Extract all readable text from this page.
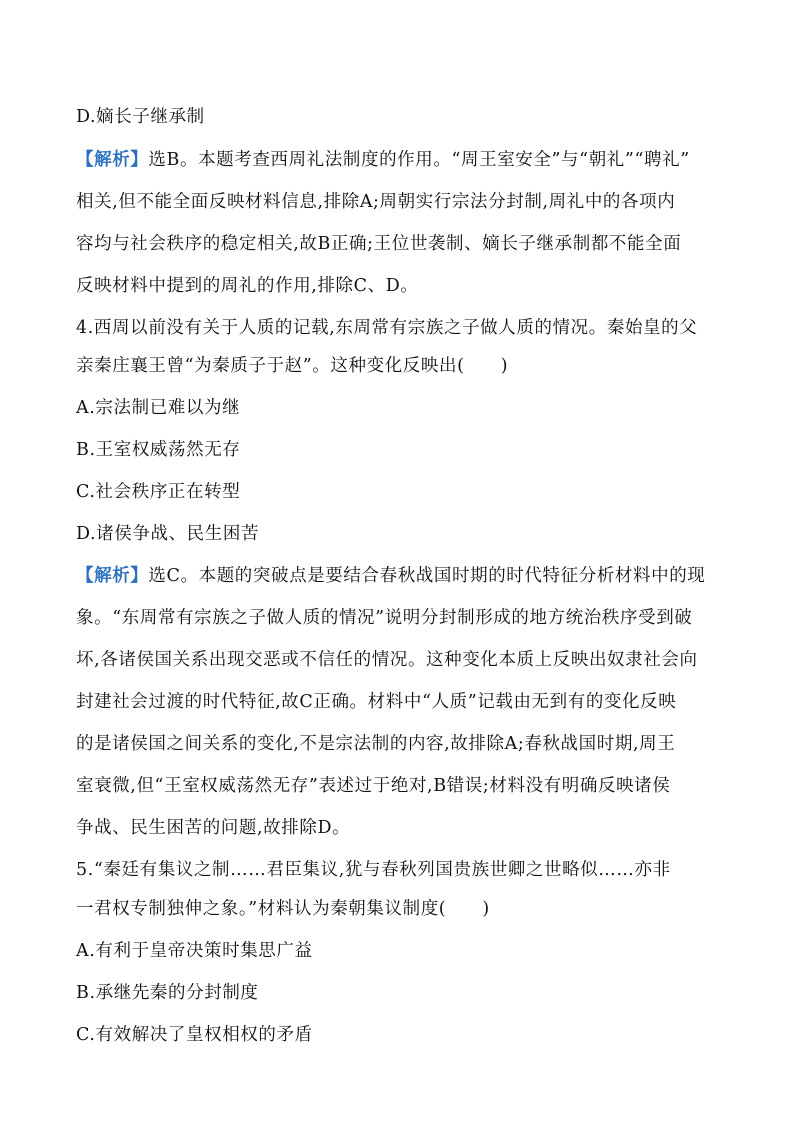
D.嫡长子继承制
【解析】选B。本题考查西周礼法制度的作用。“周王室安全”与“朝礼”“聘礼”
相关,但不能全面反映材料信息,排除A;周朝实行宗法分封制,周礼中的各项内
容均与社会秩序的稳定相关,故B正确;王位世袭制、嫡长子继承制都不能全面
反映材料中提到的周礼的作用,排除C、D。
4.西周以前没有关于人质的记载,东周常有宗族之子做人质的情况。秦始皇的父
亲秦庄襄王曾“为秦质子于赵”。这种变化反映出(　　)
A.宗法制已难以为继
B.王室权威荡然无存
C.社会秩序正在转型
D.诸侯争战、民生困苦
【解析】选C。本题的突破点是要结合春秋战国时期的时代特征分析材料中的现
象。“东周常有宗族之子做人质的情况”说明分封制形成的地方统治秩序受到破
坏,各诸侯国关系出现交恶或不信任的情况。这种变化本质上反映出奴隶社会向
封建社会过渡的时代特征,故C正确。材料中“人质”记载由无到有的变化反映
的是诸侯国之间关系的变化,不是宗法制的内容,故排除A;春秋战国时期,周王
室衰微,但“王室权威荡然无存”表述过于绝对,B错误;材料没有明确反映诸侯
争战、民生困苦的问题,故排除D。
5.“秦廷有集议之制……君臣集议,犹与春秋列国贵族世卿之世略似……亦非
一君权专制独伸之象。”材料认为秦朝集议制度(　　)
A.有利于皇帝决策时集思广益
B.承继先秦的分封制度
C.有效解决了皇权相权的矛盾
